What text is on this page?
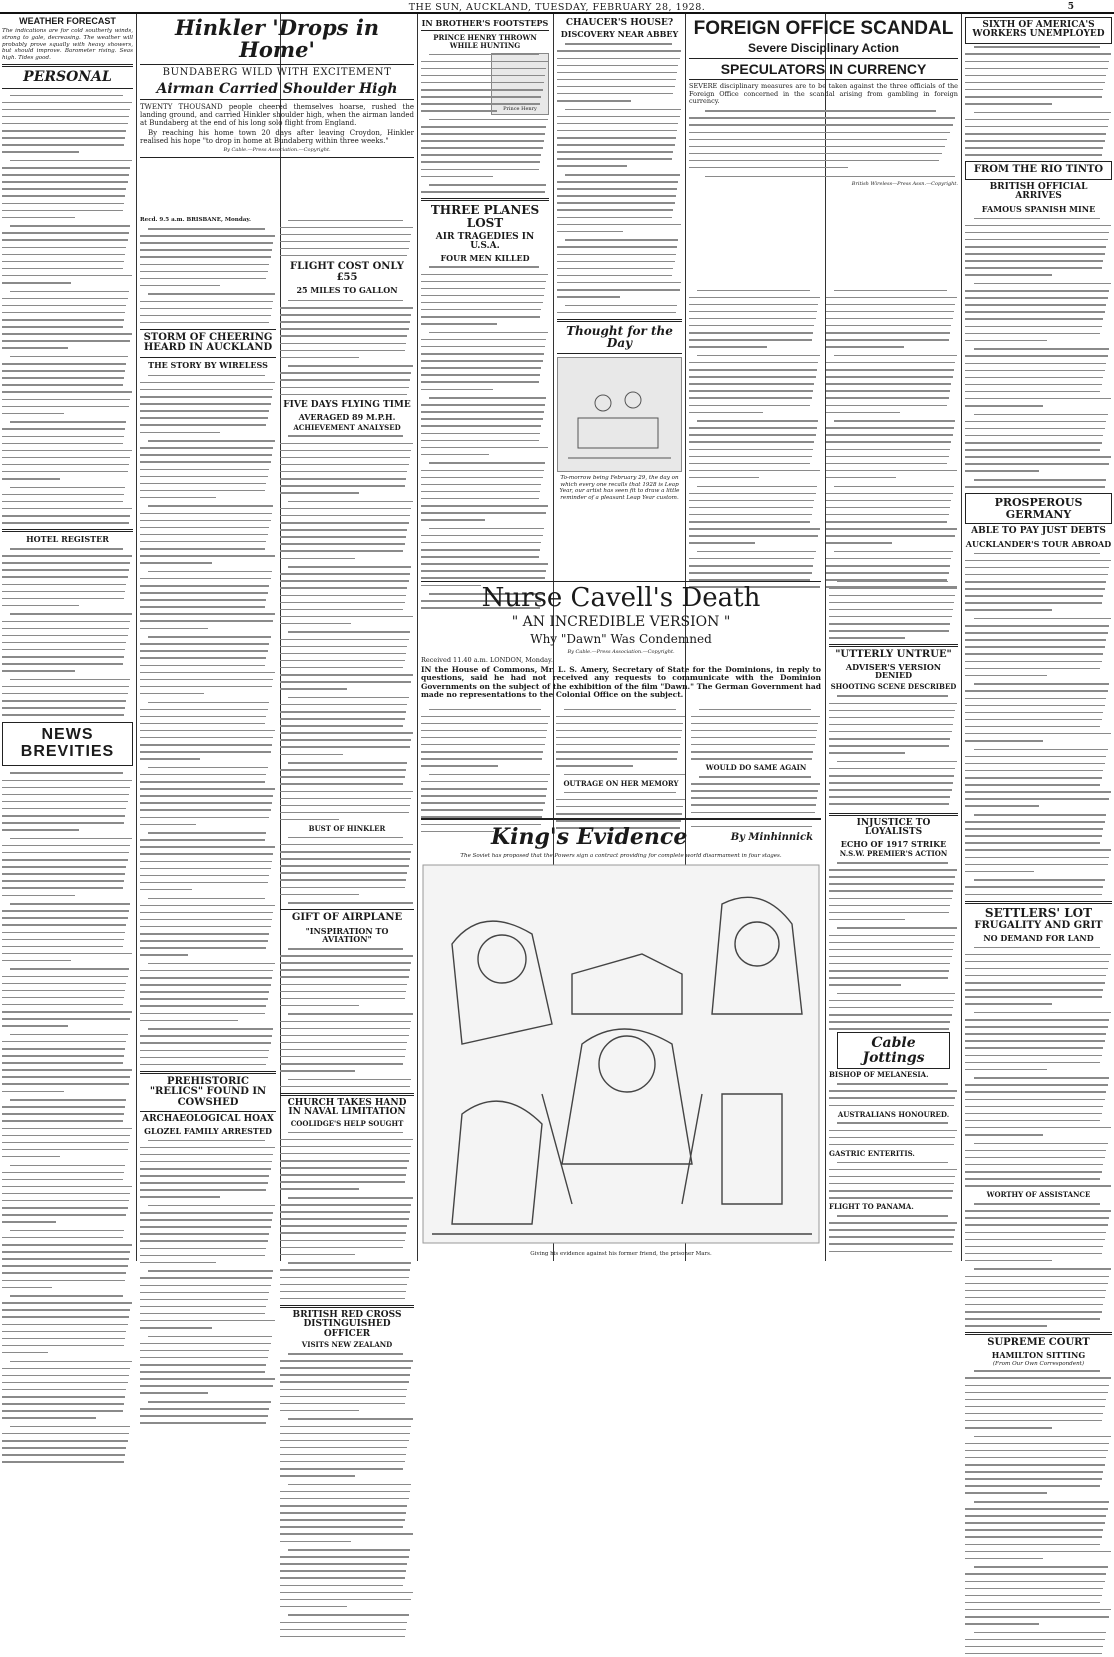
THE SUN, AUCKLAND, TUESDAY, FEBRUARY 28, 1928.	5
WEATHER FORECAST
The indications are for cold southerly winds, strong to gale, decreasing. The weather will probably prove squally with heavy showers, but should improve. Barometer rising. Seas high. Tides good.
PERSONAL
HOTEL REGISTER
NEWS BREVITIES
Hinkler 'Drops in Home'
BUNDABERG WILD WITH EXCITEMENT
Airman Carried Shoulder High
TWENTY THOUSAND people cheered themselves hoarse, rushed the landing ground, and carried Hinkler shoulder high, when the airman landed at Bundaberg at the end of his long solo flight from England.
By reaching his home town 20 days after leaving Croydon, Hinkler realised his hope "to drop in home at Bundaberg within three weeks."
By Cable.—Press Association.—Copyright.
Recd. 9.5 a.m. BRISBANE, Monday.
STORM OF CHEERING HEARD IN AUCKLAND
THE STORY BY WIRELESS
PREHISTORIC "RELICS" FOUND IN COWSHED
ARCHAEOLOGICAL HOAX
GLOZEL FAMILY ARRESTED
FLIGHT COST ONLY £55
25 MILES TO GALLON
FIVE DAYS FLYING TIME
AVERAGED 89 M.P.H.
ACHIEVEMENT ANALYSED
BUST OF HINKLER
GIFT OF AIRPLANE
"INSPIRATION TO AVIATION"
CHURCH TAKES HAND IN NAVAL LIMITATION
COOLIDGE'S HELP SOUGHT
BRITISH RED CROSS DISTINGUISHED OFFICER
VISITS NEW ZEALAND
IN BROTHER'S FOOTSTEPS
PRINCE HENRY THROWN WHILE HUNTING
Prince Henry
THREE PLANES LOST
AIR TRAGEDIES IN U.S.A.
FOUR MEN KILLED
CHAUCER'S HOUSE?
DISCOVERY NEAR ABBEY
Thought for the Day
To-morrow being February 29, the day on which every one recalls that 1928 is Leap Year, our artist has seen fit to draw a little reminder of a pleasant Leap Year custom.
FOREIGN OFFICE SCANDAL
Severe Disciplinary Action
SPECULATORS IN CURRENCY
SEVERE disciplinary measures are to be taken against the three officials of the Foreign Office concerned in the scandal arising from gambling in foreign currency.
British Wireless—Press Assn.—Copyright.
SIXTH OF AMERICA'S WORKERS UNEMPLOYED
FROM THE RIO TINTO
BRITISH OFFICIAL ARRIVES
FAMOUS SPANISH MINE
PROSPEROUS GERMANY
ABLE TO PAY JUST DEBTS
AUCKLANDER'S TOUR ABROAD
SETTLERS' LOT
FRUGALITY AND GRIT
NO DEMAND FOR LAND
WORTHY OF ASSISTANCE
SUPREME COURT
HAMILTON SITTING
(From Our Own Correspondent)
Nurse Cavell's Death
" AN INCREDIBLE VERSION "
Why "Dawn" Was Condemned
By Cable.—Press Association.—Copyright.
Received 11.40 a.m. LONDON, Monday.
IN the House of Commons, Mr. L. S. Amery, Secretary of State for the Dominions, in reply to questions, said he had not received any requests to communicate with the Dominion Governments on the subject of the exhibition of the film "Dawn." The German Government had made no representations to the Colonial Office on the subject.
OUTRAGE ON HER MEMORY
WOULD DO SAME AGAIN
"UTTERLY UNTRUE"
ADVISER'S VERSION DENIED
SHOOTING SCENE DESCRIBED
INJUSTICE TO LOYALISTS
ECHO OF 1917 STRIKE
N.S.W. PREMIER'S ACTION
Cable Jottings
BISHOP OF MELANESIA.
AUSTRALIANS HONOURED.
GASTRIC ENTERITIS.
FLIGHT TO PANAMA.
King's Evidence	By Minhinnick
The Soviet has proposed that the Powers sign a contract providing for complete world disarmament in four stages.
Giving his evidence against his former friend, the prisoner Mars.
